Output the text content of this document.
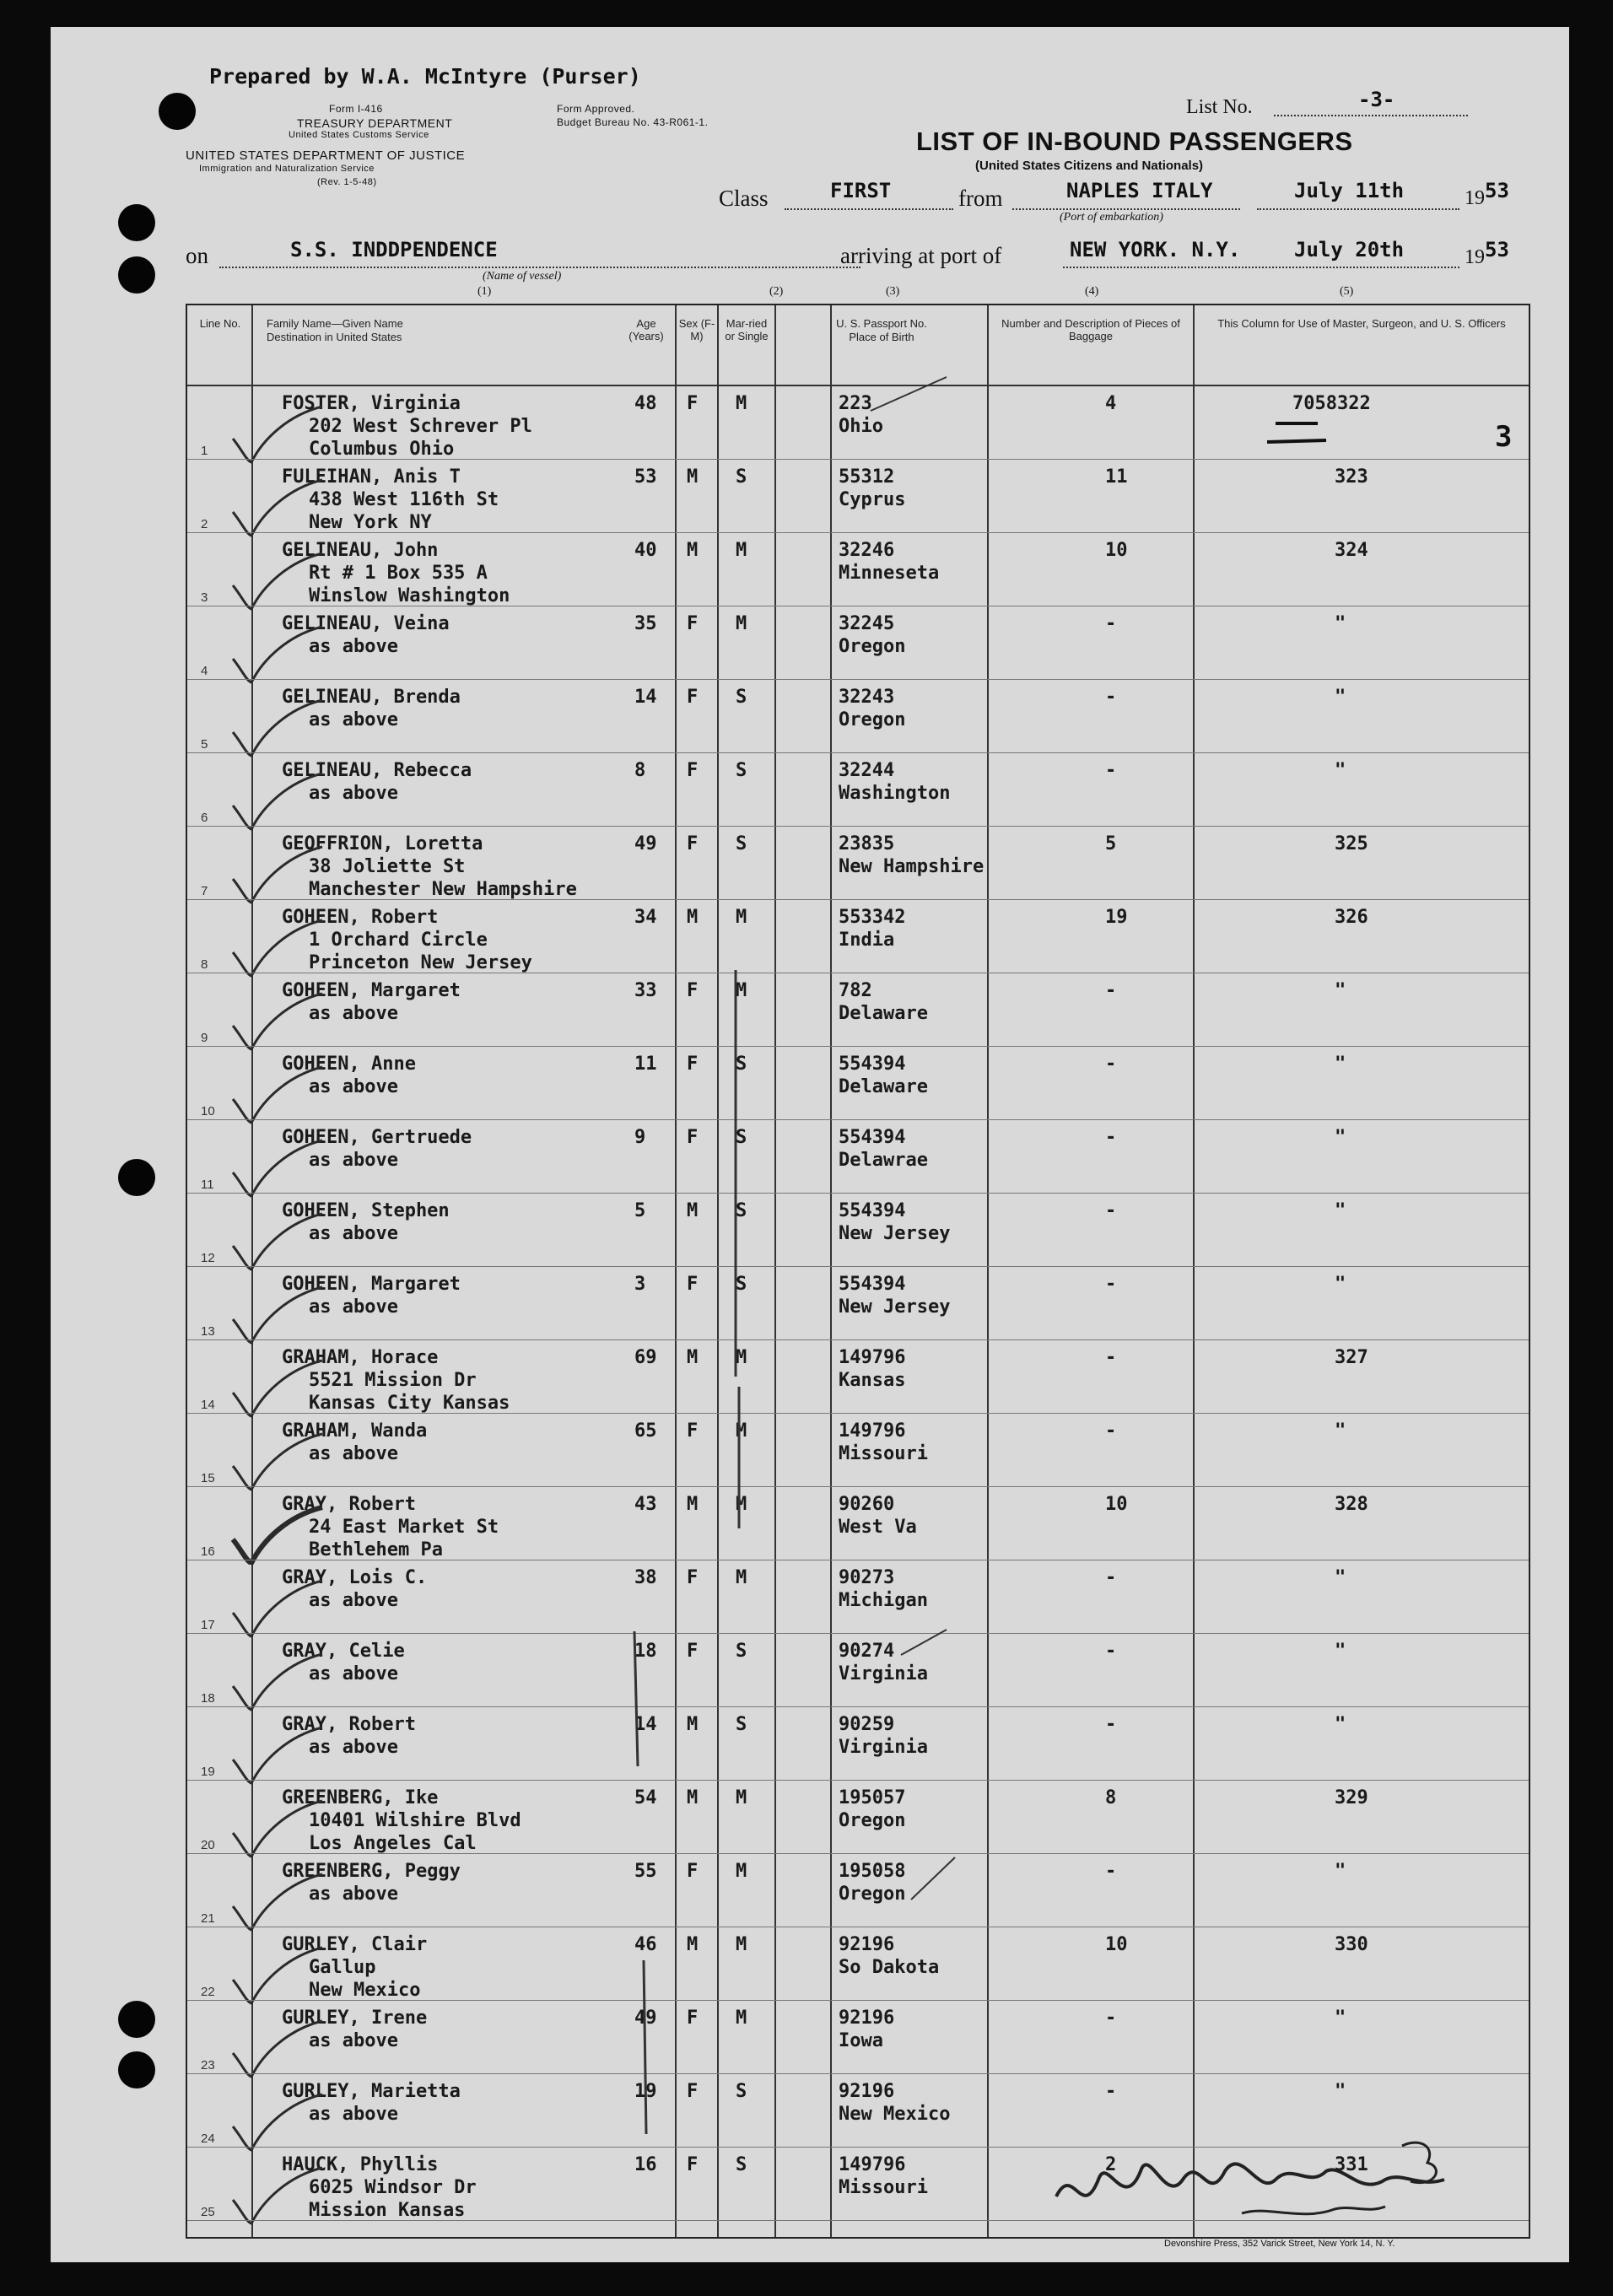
Prepared by W.A. McIntyre (Purser)
Form I-416
TREASURY DEPARTMENT
United States Customs Service
Form Approved.
Budget Bureau No. 43-R061-1.
UNITED STATES DEPARTMENT OF JUSTICE
Immigration and Naturalization Service
(Rev. 1-5-48)
List No.	-3-
LIST OF IN-BOUND PASSENGERS
(United States Citizens and Nationals)
Class	FIRST	from	NAPLES ITALY
(Port of embarkation)
July 11th	19 53
on	S.S. INDDPENDENCE
(Name of vessel)
arriving at port of	NEW YORK. N.Y.	July 20th	19 53
(1)	(2)	(3)	(4)	(5)
Line No.	Family Name—Given Name
Destination in United States
Age (Years)
Sex (F-M)
Mar-ried or Single
U. S. Passport No.
Place of Birth
Number and Description of Pieces of Baggage
This Column for Use of Master, Surgeon, and U. S. Officers
FOSTER, Virginia
202 West Schrever Pl
Columbus Ohio
48 F M	223
Ohio
4	7058322
1
FULEIHAN, Anis T
438 West 116th St
New York NY
53 M S	55312
Cyprus
11	323
2
GELINEAU, John
Rt # 1 Box 535 A
Winslow Washington
40 M M	32246
Minneseta
10	324
3
GELINEAU, Veina
as above
35 F M	32245
Oregon
-	"
4
GELINEAU, Brenda
as above
14 F S	32243
Oregon
-	"
5
GELINEAU, Rebecca
as above
8 F S	32244
Washington
-	"
6
GEOFFRION, Loretta
38 Joliette St
Manchester New Hampshire
49 F S	23835
New Hampshire
5	325
7
GOHEEN, Robert
1 Orchard Circle
Princeton New Jersey
34 M M	553342
India
19	326
8
GOHEEN, Margaret
as above
33 F M	782
Delaware
-	"
9
GOHEEN, Anne
as above
11 F S	554394
Delaware
-	"
10
GOHEEN, Gertruede
as above
9 F S	554394
Delawrae
-	"
11
GOHEEN, Stephen
as above
5 M S	554394
New Jersey
-	"
12
GOHEEN, Margaret
as above
3 F S	554394
New Jersey
-	"
13
GRAHAM, Horace
5521 Mission Dr
Kansas City Kansas
69 M M	149796
Kansas
-	327
14
GRAHAM, Wanda
as above
65 F M	149796
Missouri
-	"
15
GRAY, Robert
24 East Market St
Bethlehem Pa
43 M M	90260
West Va
10	328
16
GRAY, Lois C.
as above
38 F M	90273
Michigan
-	"
17
GRAY, Celie
as above
18 F S	90274
Virginia
-	"
18
GRAY, Robert
as above
14 M S	90259
Virginia
-	"
19
GREENBERG, Ike
10401 Wilshire Blvd
Los Angeles Cal
54 M M	195057
Oregon
8	329
20
GREENBERG, Peggy
as above
55 F M	195058
Oregon
-	"
21
GURLEY, Clair
Gallup
New Mexico
46 M M	92196
So Dakota
10	330
22
GURLEY, Irene
as above
49 F M	92196
Iowa
-	"
23
GURLEY, Marietta
as above
19 F S	92196
New Mexico
-	"
24
HAUCK, Phyllis
6025 Windsor Dr
Mission Kansas
16 F S	149796
Missouri
2	331
25
3
Devonshire Press, 352 Varick Street, New York 14, N. Y.
